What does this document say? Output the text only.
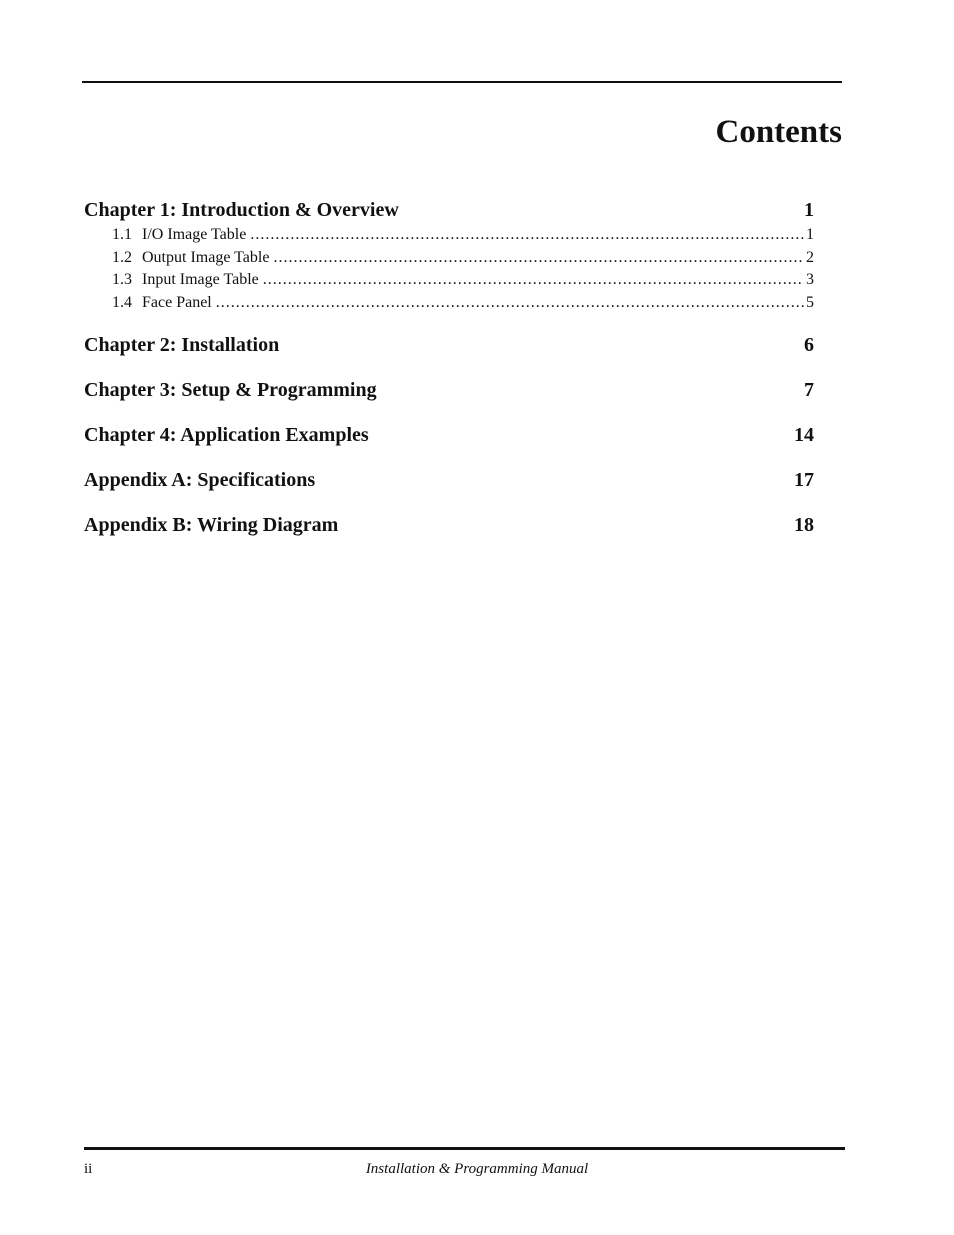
Contents
Chapter 1: Introduction & Overview	1
1.1 I/O Image Table .....	1
1.2 Output Image Table .....	2
1.3 Input Image Table .....	3
1.4 Face Panel .....	5
Chapter 2: Installation	6
Chapter 3: Setup & Programming	7
Chapter 4: Application Examples	14
Appendix A: Specifications	17
Appendix B: Wiring Diagram	18
ii	Installation & Programming Manual
